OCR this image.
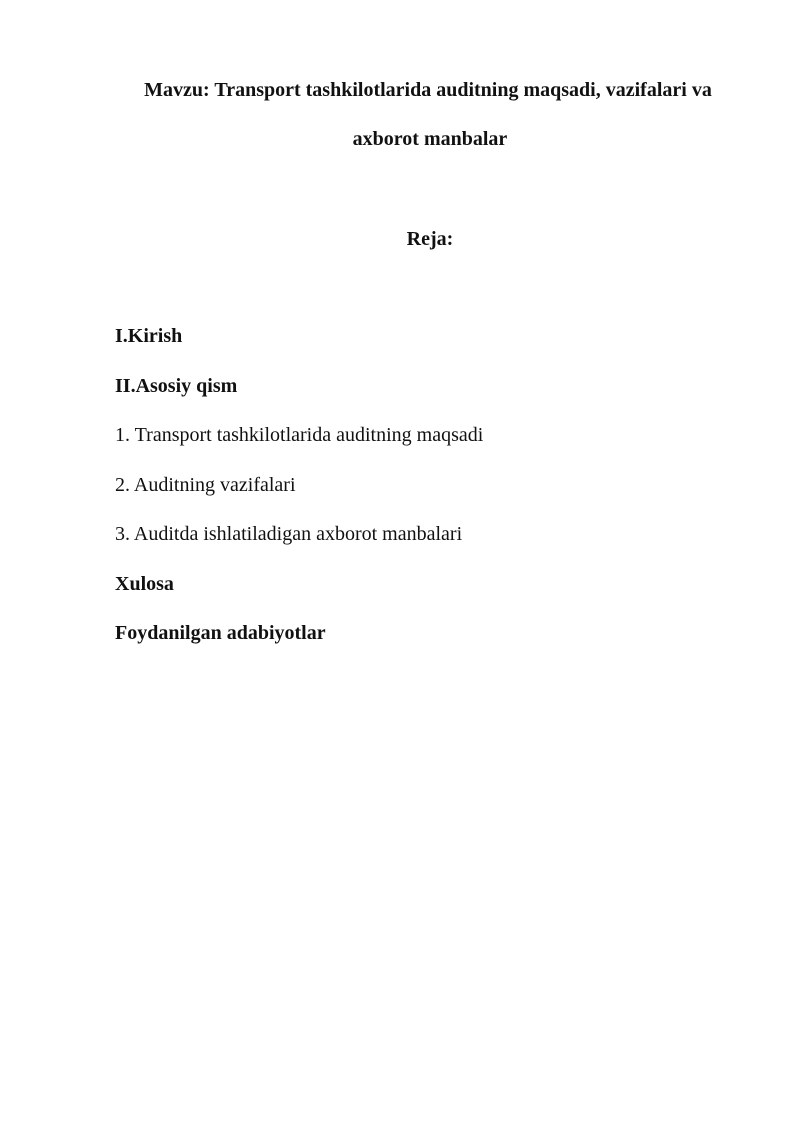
Mavzu: Transport tashkilotlarida auditning maqsadi, vazifalari va

axborot manbalar

Reja:

I.Kirish
II.Asosiy qism
1. Transport tashkilotlarida auditning maqsadi
2. Auditning vazifalari
3. Auditda ishlatiladigan axborot manbalari
Xulosa
Foydanilgan adabiyotlar
